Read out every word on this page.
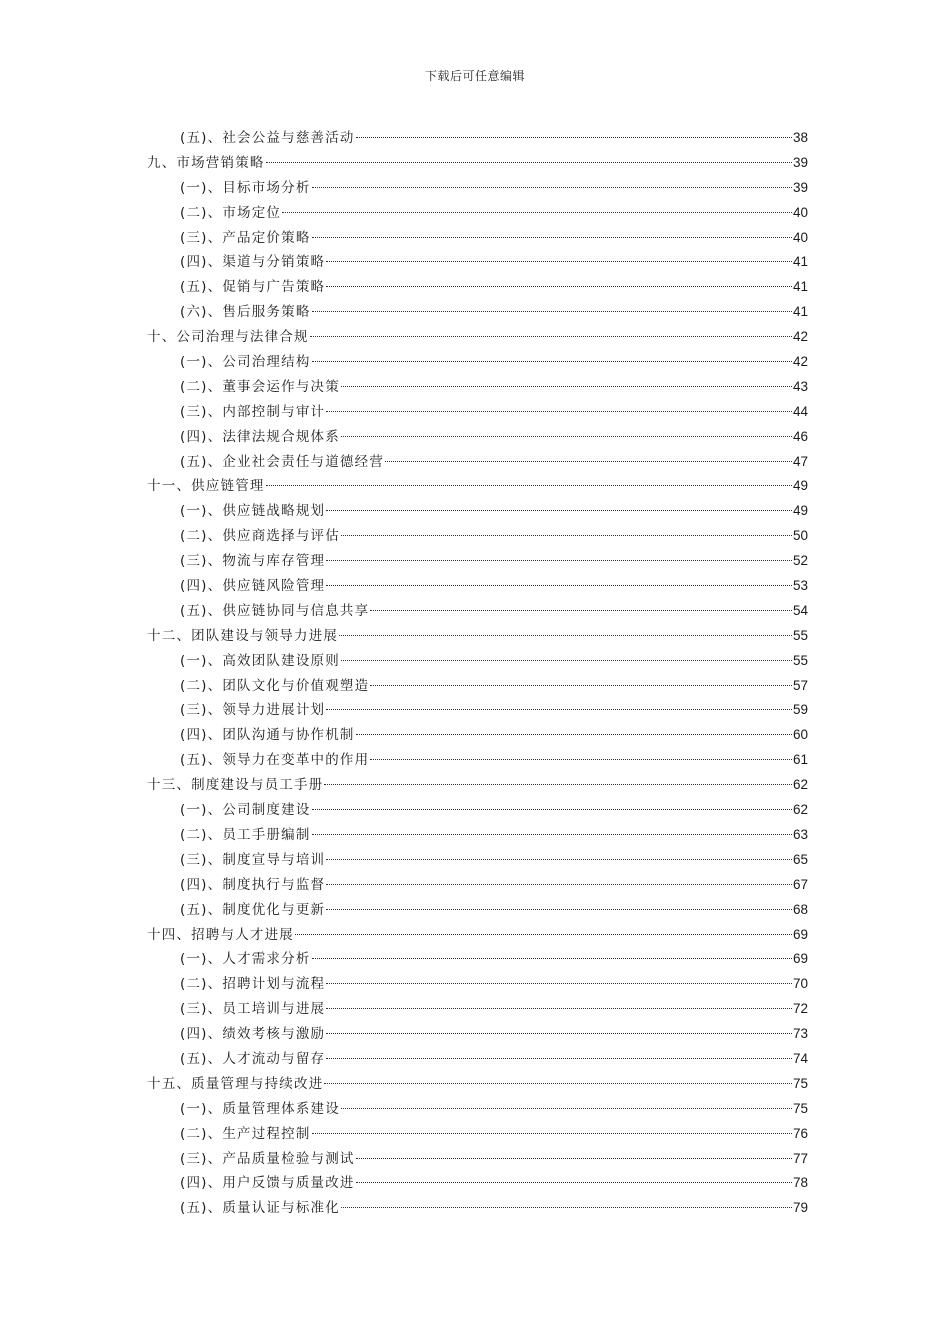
下载后可任意编辑
(五)、社会公益与慈善活动	38
九、市场营销策略	39
(一)、目标市场分析	39
(二)、市场定位	40
(三)、产品定价策略	40
(四)、渠道与分销策略	41
(五)、促销与广告策略	41
(六)、售后服务策略	41
十、公司治理与法律合规	42
(一)、公司治理结构	42
(二)、董事会运作与决策	43
(三)、内部控制与审计	44
(四)、法律法规合规体系	46
(五)、企业社会责任与道德经营	47
十一、供应链管理	49
(一)、供应链战略规划	49
(二)、供应商选择与评估	50
(三)、物流与库存管理	52
(四)、供应链风险管理	53
(五)、供应链协同与信息共享	54
十二、团队建设与领导力进展	55
(一)、高效团队建设原则	55
(二)、团队文化与价值观塑造	57
(三)、领导力进展计划	59
(四)、团队沟通与协作机制	60
(五)、领导力在变革中的作用	61
十三、制度建设与员工手册	62
(一)、公司制度建设	62
(二)、员工手册编制	63
(三)、制度宣导与培训	65
(四)、制度执行与监督	67
(五)、制度优化与更新	68
十四、招聘与人才进展	69
(一)、人才需求分析	69
(二)、招聘计划与流程	70
(三)、员工培训与进展	72
(四)、绩效考核与激励	73
(五)、人才流动与留存	74
十五、质量管理与持续改进	75
(一)、质量管理体系建设	75
(二)、生产过程控制	76
(三)、产品质量检验与测试	77
(四)、用户反馈与质量改进	78
(五)、质量认证与标准化	79
